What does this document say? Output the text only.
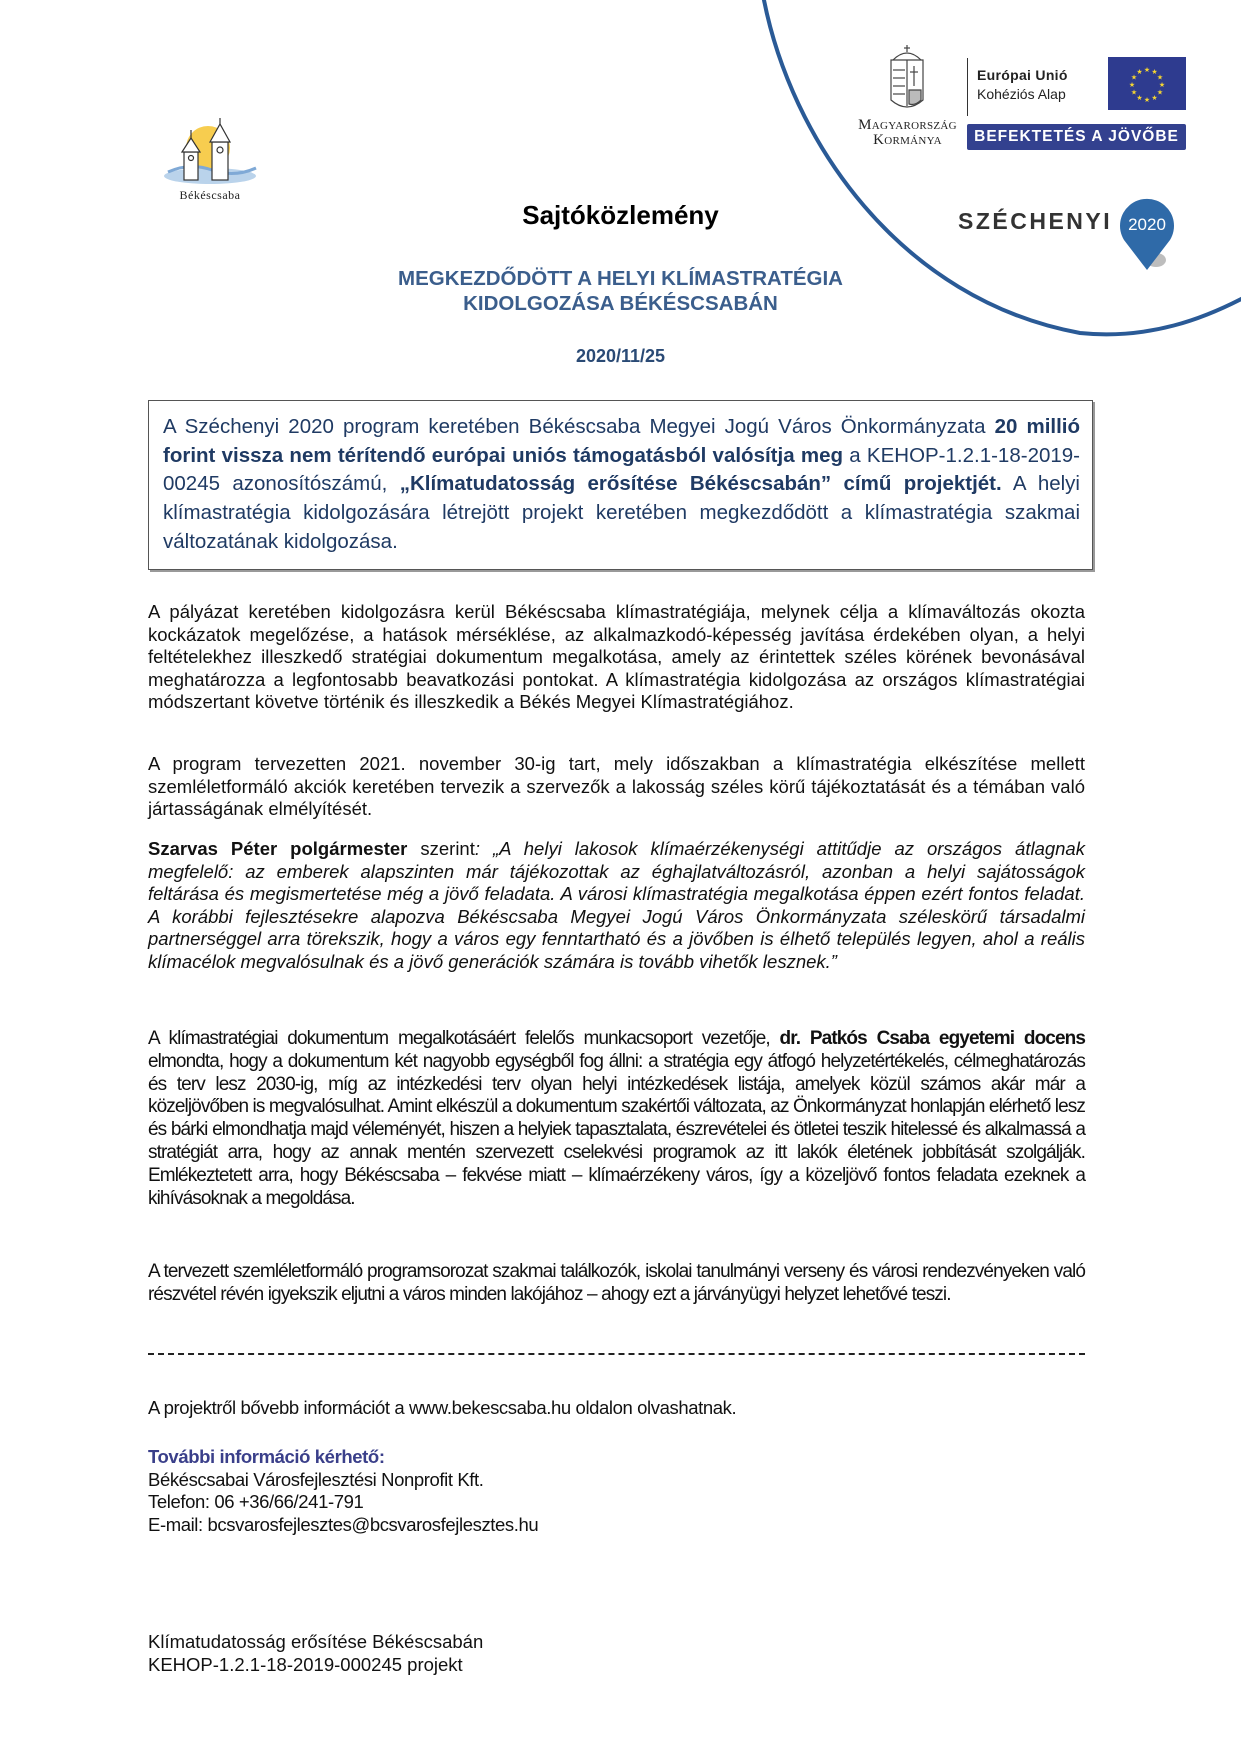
Békéscsaba
Magyarország
Kormánya
Európai Unió
Kohéziós Alap
★ ★
★
★
★
★
★
★
★
★
★
★
BEFEKTETÉS A JÖVŐBE
SZÉCHENYI 2020
Sajtóközlemény
MEGKEZDŐDÖTT A HELYI KLÍMASTRATÉGIA
KIDOLGOZÁSA BÉKÉSCSABÁN
2020/11/25
A Széchenyi 2020 program keretében Békéscsaba Megyei Jogú Város Önkormányzata 20 millió forint vissza nem térítendő európai uniós támogatásból valósítja meg a KEHOP-1.2.1-18-2019-00245 azonosítószámú, „Klímatudatosság erősítése Békéscsabán” című projektjét. A helyi klímastratégia kidolgozására létrejött projekt keretében megkezdődött a klímastratégia szakmai változatának kidolgozása.

A pályázat keretében kidolgozásra kerül Békéscsaba klímastratégiája, melynek célja a klímaváltozás okozta kockázatok megelőzése, a hatások mérséklése, az alkalmazkodó-képesség javítása érdekében olyan, a helyi feltételekhez illeszkedő stratégiai dokumentum megalkotása, amely az érintettek széles körének bevonásával meghatározza a legfontosabb beavatkozási pontokat. A klímastratégia kidolgozása az országos klímastratégiai módszertant követve történik és illeszkedik a Békés Megyei Klímastratégiához.

A program tervezetten 2021. november 30-ig tart, mely időszakban a klímastratégia elkészítése mellett szemléletformáló akciók keretében tervezik a szervezők a lakosság széles körű tájékoztatását és a témában való jártasságának elmélyítését.

Szarvas Péter polgármester szerint: „A helyi lakosok klímaérzékenységi attitűdje az országos átlagnak megfelelő: az emberek alapszinten már tájékozottak az éghajlatváltozásról, azonban a helyi sajátosságok feltárása és megismertetése még a jövő feladata. A városi klímastratégia megalkotása éppen ezért fontos feladat. A korábbi fejlesztésekre alapozva Békéscsaba Megyei Jogú Város Önkormányzata széleskörű társadalmi partnerséggel arra törekszik, hogy a város egy fenntartható és a jövőben is élhető település legyen, ahol a reális klímacélok megvalósulnak és a jövő generációk számára is tovább vihetők lesznek.”

A klímastratégiai dokumentum megalkotásáért felelős munkacsoport vezetője, dr. Patkós Csaba egyetemi docens elmondta, hogy a dokumentum két nagyobb egységből fog állni: a stratégia egy átfogó helyzetértékelés, célmeghatározás és terv lesz 2030-ig, míg az intézkedési terv olyan helyi intézkedések listája, amelyek közül számos akár már a közeljövőben is megvalósulhat. Amint elkészül a dokumentum szakértői változata, az Önkormányzat honlapján elérhető lesz és bárki elmondhatja majd véleményét, hiszen a helyiek tapasztalata, észrevételei és ötletei teszik hitelessé és alkalmassá a stratégiát arra, hogy az annak mentén szervezett cselekvési programok az itt lakók életének jobbítását szolgálják. Emlékeztetett arra, hogy Békéscsaba – fekvése miatt – klímaérzékeny város, így a közeljövő fontos feladata ezeknek a kihívásoknak a megoldása.

A tervezett szemléletformáló programsorozat szakmai találkozók, iskolai tanulmányi verseny és városi rendezvényeken való részvétel révén igyekszik eljutni a város minden lakójához – ahogy ezt a járványügyi helyzet lehetővé teszi.

A projektről bővebb információt a www.bekescsaba.hu oldalon olvashatnak.
További információ kérhető:
Békéscsabai Városfejlesztési Nonprofit Kft.
Telefon: 06 +36/66/241-791
E-mail: bcsvarosfejlesztes@bcsvarosfejlesztes.hu
Klímatudatosság erősítése Békéscsabán
KEHOP-1.2.1-18-2019-000245 projekt
